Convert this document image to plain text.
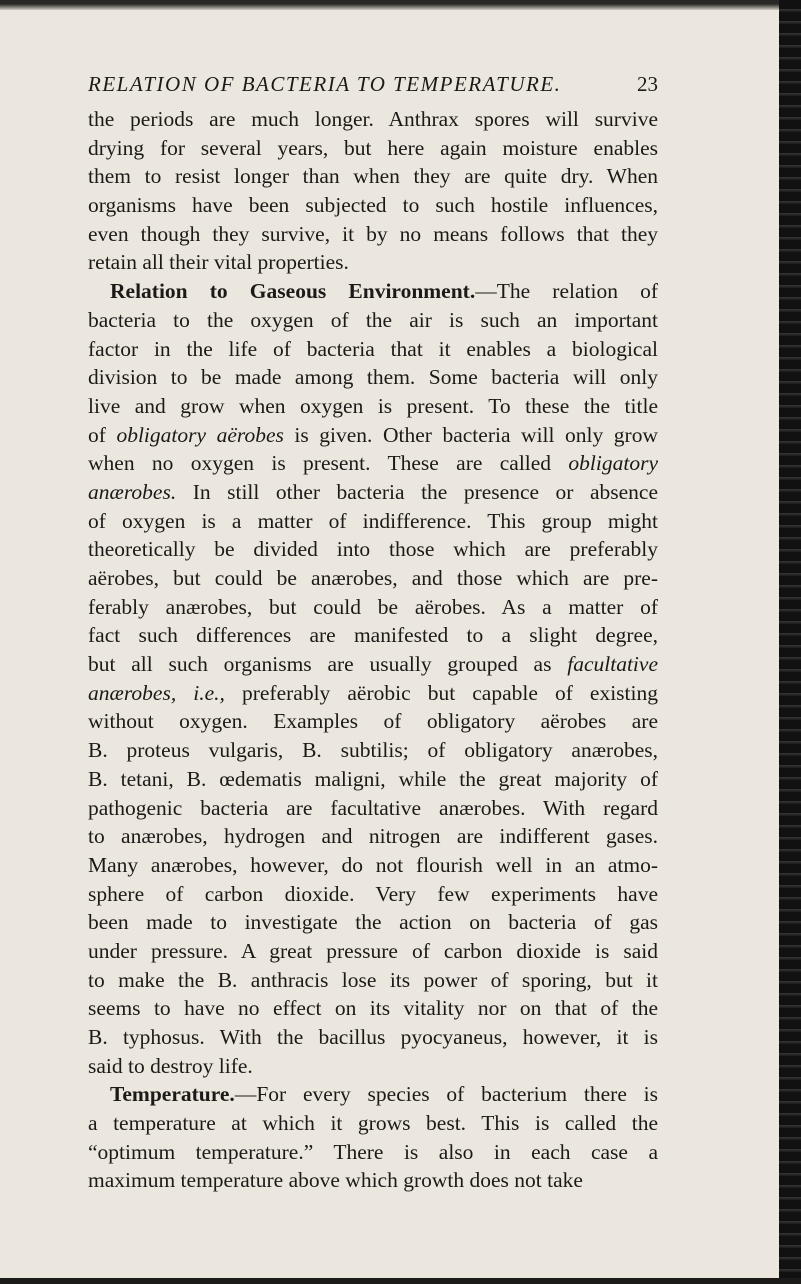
RELATION OF BACTERIA TO TEMPERATURE.	23
the periods are much longer. Anthrax spores will survive
drying for several years, but here again moisture enables
them to resist longer than when they are quite dry. When
organisms have been subjected to such hostile influences,
even though they survive, it by no means follows that they
retain all their vital properties.
Relation to Gaseous Environment.—The relation of
bacteria to the oxygen of the air is such an important
factor in the life of bacteria that it enables a biological
division to be made among them. Some bacteria will only
live and grow when oxygen is present. To these the title
of obligatory aërobes is given. Other bacteria will only grow
when no oxygen is present. These are called obligatory
anærobes. In still other bacteria the presence or absence
of oxygen is a matter of indifference. This group might
theoretically be divided into those which are preferably
aërobes, but could be anærobes, and those which are pre-
ferably anærobes, but could be aërobes. As a matter of
fact such differences are manifested to a slight degree,
but all such organisms are usually grouped as facultative
anærobes, i.e., preferably aërobic but capable of existing
without oxygen. Examples of obligatory aërobes are
B. proteus vulgaris, B. subtilis; of obligatory anærobes,
B. tetani, B. œdematis maligni, while the great majority of
pathogenic bacteria are facultative anærobes. With regard
to anærobes, hydrogen and nitrogen are indifferent gases.
Many anærobes, however, do not flourish well in an atmo-
sphere of carbon dioxide. Very few experiments have
been made to investigate the action on bacteria of gas
under pressure. A great pressure of carbon dioxide is said
to make the B. anthracis lose its power of sporing, but it
seems to have no effect on its vitality nor on that of the
B. typhosus. With the bacillus pyocyaneus, however, it is
said to destroy life.
Temperature.—For every species of bacterium there is
a temperature at which it grows best. This is called the
“optimum temperature.” There is also in each case a
maximum temperature above which growth does not take
